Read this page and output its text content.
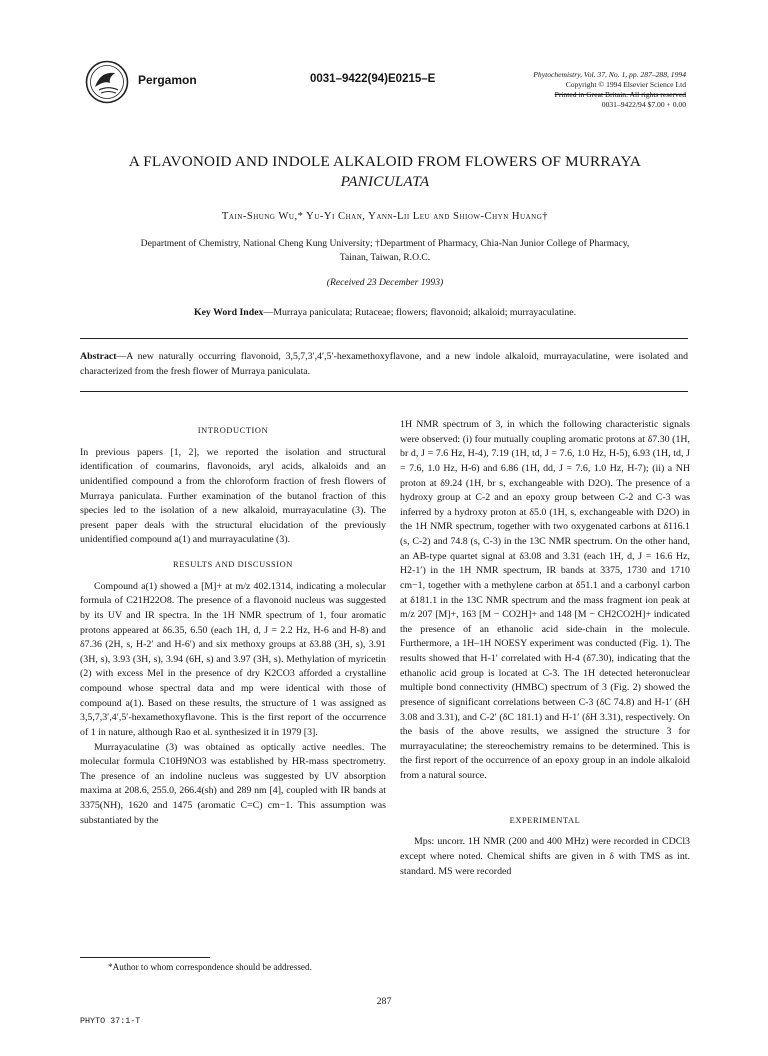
Pergamon	0031–9422(94)E0215–E	Phytochemistry, Vol. 37, No. 1, pp. 287–288, 1994
Copyright © 1994 Elsevier Science Ltd
Printed in Great Britain. All rights reserved
0031–9422/94 $7.00 + 0.00
A FLAVONOID AND INDOLE ALKALOID FROM FLOWERS OF MURRAYA
PANICULATA
Tain-Shung Wu,* Yu-Yi Chan, Yann-Lii Leu and Shiow-Chyn Huang†
Department of Chemistry, National Cheng Kung University; †Department of Pharmacy, Chia-Nan Junior College of Pharmacy,
Tainan, Taiwan, R.O.C.
(Received 23 December 1993)
Key Word Index—Murraya paniculata; Rutaceae; flowers; flavonoid; alkaloid; murrayaculatine.
Abstract—A new naturally occurring flavonoid, 3,5,7,3′,4′,5′-hexamethoxyflavone, and a new indole alkaloid, murrayaculatine, were isolated and characterized from the fresh flower of Murraya paniculata.
INTRODUCTION

In previous papers [1, 2], we reported the isolation and structural identification of coumarins, flavonoids, aryl acids, alkaloids and an unidentified compound a from the chloroform fraction of fresh flowers of Murraya paniculata. Further examination of the butanol fraction of this species led to the isolation of a new alkaloid, murrayaculatine (3). The present paper deals with the structural elucidation of the previously unidentified compound a(1) and murrayaculatine (3).

RESULTS AND DISCUSSION

Compound a(1) showed a [M]+ at m/z 402.1314, indicating a molecular formula of C21H22O8. The presence of a flavonoid nucleus was suggested by its UV and IR spectra. In the 1H NMR spectrum of 1, four aromatic protons appeared at δ6.35, 6.50 (each 1H, d, J = 2.2 Hz, H-6 and H-8) and δ7.36 (2H, s, H-2′ and H-6′) and six methoxy groups at δ3.88 (3H, s), 3.91 (3H, s), 3.93 (3H, s), 3.94 (6H, s) and 3.97 (3H, s). Methylation of myricetin (2) with excess MeI in the presence of dry K2CO3 afforded a crystalline compound whose spectral data and mp were identical with those of compound a(1). Based on these results, the structure of 1 was assigned as 3,5,7,3′,4′,5′-hexamethoxyflavone. This is the first report of the occurrence of 1 in nature, although Rao et al. synthesized it in 1979 [3].

Murrayaculatine (3) was obtained as optically active needles. The molecular formula C10H9NO3 was established by HR-mass spectrometry. The presence of an indoline nucleus was suggested by UV absorption maxima at 208.6, 255.0, 266.4(sh) and 289 nm [4], coupled with IR bands at 3375(NH), 1620 and 1475 (aromatic C=C) cm−1. This assumption was substantiated by the

1H NMR spectrum of 3, in which the following characteristic signals were observed: (i) four mutually coupling aromatic protons at δ7.30 (1H, br d, J = 7.6 Hz, H-4), 7.19 (1H, td, J = 7.6, 1.0 Hz, H-5), 6.93 (1H, td, J = 7.6, 1.0 Hz, H-6) and 6.86 (1H, dd, J = 7.6, 1.0 Hz, H-7); (ii) a NH proton at δ9.24 (1H, br s, exchangeable with D2O). The presence of a hydroxy group at C-2 and an epoxy group between C-2 and C-3 was inferred by a hydroxy proton at δ5.0 (1H, s, exchangeable with D2O) in the 1H NMR spectrum, together with two oxygenated carbons at δ116.1 (s, C-2) and 74.8 (s, C-3) in the 13C NMR spectrum. On the other hand, an AB-type quartet signal at δ3.08 and 3.31 (each 1H, d, J = 16.6 Hz, H2-1′) in the 1H NMR spectrum, IR bands at 3375, 1730 and 1710 cm−1, together with a methylene carbon at δ51.1 and a carbonyl carbon at δ181.1 in the 13C NMR spectrum and the mass fragment ion peak at m/z 207 [M]+, 163 [M − CO2H]+ and 148 [M − CH2CO2H]+ indicated the presence of an ethanolic acid side-chain in the molecule. Furthermore, a 1H–1H NOESY experiment was conducted (Fig. 1). The results showed that H-1′ correlated with H-4 (δ7.30), indicating that the ethanolic acid group is located at C-3. The 1H detected heteronuclear multiple bond connectivity (HMBC) spectrum of 3 (Fig. 2) showed the presence of significant correlations between C-3 (δC 74.8) and H-1′ (δH 3.08 and 3.31), and C-2′ (δC 181.1) and H-1′ (δH 3.31), respectively. On the basis of the above results, we assigned the structure 3 for murrayaculatine; the stereochemistry remains to be determined. This is the first report of the occurrence of an epoxy group in an indole alkaloid from a natural source.

EXPERIMENTAL

Mps: uncorr. 1H NMR (200 and 400 MHz) were recorded in CDCl3 except where noted. Chemical shifts are given in δ with TMS as int. standard. MS were recorded

*Author to whom correspondence should be addressed.
287
PHYTO 37:1-T
